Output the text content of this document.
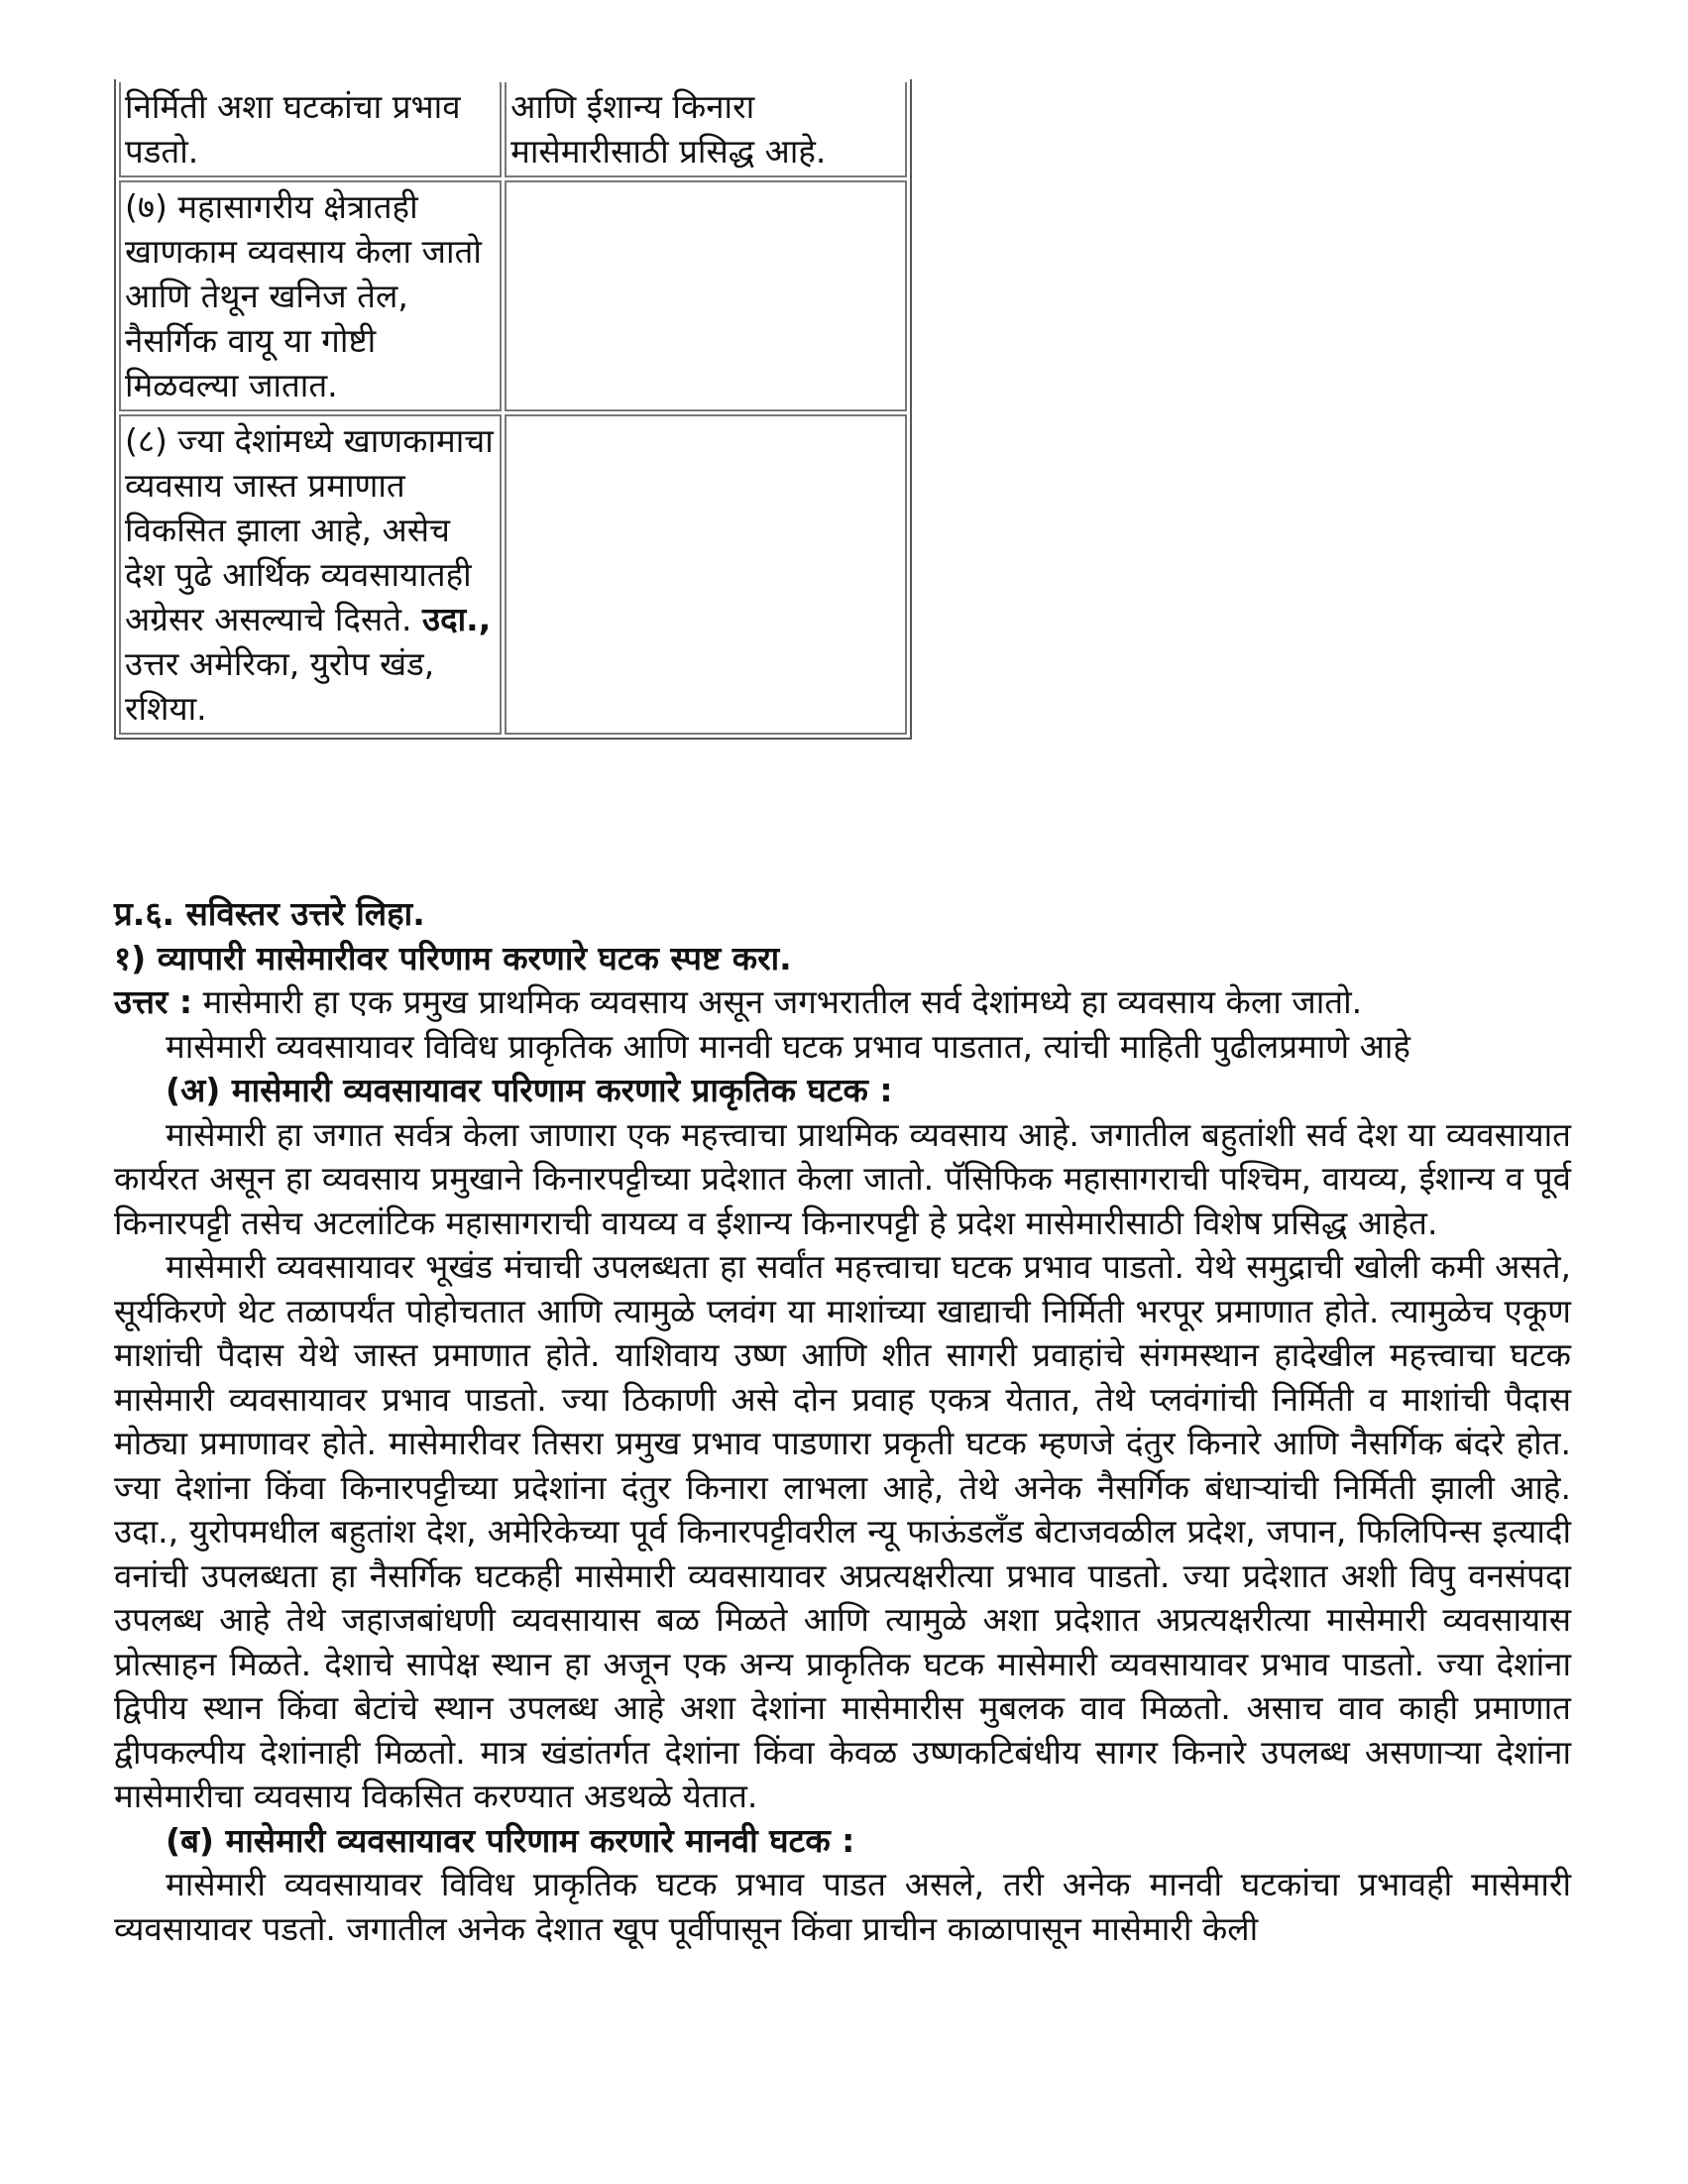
निर्मिती अशा घटकांचा प्रभाव पडतो.	आणि ईशान्य किनारा मासेमारीसाठी प्रसिद्ध आहे.
(७) महासागरीय क्षेत्रातही खाणकाम व्यवसाय केला जातो आणि तेथून खनिज तेल, नैसर्गिक वायू या गोष्टी मिळवल्या जातात.	
(८) ज्या देशांमध्ये खाणकामाचा व्यवसाय जास्त प्रमाणात विकसित झाला आहे, असेच देश पुढे आर्थिक व्यवसायातही अग्रेसर असल्याचे दिसते. उदा., उत्तर अमेरिका, युरोप खंड, रशिया.	

प्र.६. सविस्तर उत्तरे लिहा.

१) व्यापारी मासेमारीवर परिणाम करणारे घटक स्पष्ट करा.

उत्तर : मासेमारी हा एक प्रमुख प्राथमिक व्यवसाय असून जगभरातील सर्व देशांमध्ये हा व्यवसाय केला जातो.

मासेमारी व्यवसायावर विविध प्राकृतिक आणि मानवी घटक प्रभाव पाडतात, त्यांची माहिती पुढीलप्रमाणे आहे

(अ) मासेमारी व्यवसायावर परिणाम करणारे प्राकृतिक घटक :

मासेमारी हा जगात सर्वत्र केला जाणारा एक महत्त्वाचा प्राथमिक व्यवसाय आहे. जगातील बहुतांशी सर्व देश या व्यवसायात कार्यरत असून हा व्यवसाय प्रमुखाने किनारपट्टीच्या प्रदेशात केला जातो. पॅसिफिक महासागराची पश्चिम, वायव्य, ईशान्य व पूर्व किनारपट्टी तसेच अटलांटिक महासागराची वायव्य व ईशान्य किनारपट्टी हे प्रदेश मासेमारीसाठी विशेष प्रसिद्ध आहेत.

मासेमारी व्यवसायावर भूखंड मंचाची उपलब्धता हा सर्वांत महत्त्वाचा घटक प्रभाव पाडतो. येथे समुद्राची खोली कमी असते, सूर्यकिरणे थेट तळापर्यंत पोहोचतात आणि त्यामुळे प्लवंग या माशांच्या खाद्याची निर्मिती भरपूर प्रमाणात होते. त्यामुळेच एकूण माशांची पैदास येथे जास्त प्रमाणात होते. याशिवाय उष्ण आणि शीत सागरी प्रवाहांचे संगमस्थान हादेखील महत्त्वाचा घटक मासेमारी व्यवसायावर प्रभाव पाडतो. ज्या ठिकाणी असे दोन प्रवाह एकत्र येतात, तेथे प्लवंगांची निर्मिती व माशांची पैदास मोठ्या प्रमाणावर होते. मासेमारीवर तिसरा प्रमुख प्रभाव पाडणारा प्रकृती घटक म्हणजे दंतुर किनारे आणि नैसर्गिक बंदरे होत. ज्या देशांना किंवा किनारपट्टीच्या प्रदेशांना दंतुर किनारा लाभला आहे, तेथे अनेक नैसर्गिक बंधाऱ्यांची निर्मिती झाली आहे. उदा., युरोपमधील बहुतांश देश, अमेरिकेच्या पूर्व किनारपट्टीवरील न्यू फाऊंडलँड बेटाजवळील प्रदेश, जपान, फिलिपिन्स इत्यादी वनांची उपलब्धता हा नैसर्गिक घटकही मासेमारी व्यवसायावर अप्रत्यक्षरीत्या प्रभाव पाडतो. ज्या प्रदेशात अशी विपु वनसंपदा उपलब्ध आहे तेथे जहाजबांधणी व्यवसायास बळ मिळते आणि त्यामुळे अशा प्रदेशात अप्रत्यक्षरीत्या मासेमारी व्यवसायास प्रोत्साहन मिळते. देशाचे सापेक्ष स्थान हा अजून एक अन्य प्राकृतिक घटक मासेमारी व्यवसायावर प्रभाव पाडतो. ज्या देशांना द्विपीय स्थान किंवा बेटांचे स्थान उपलब्ध आहे अशा देशांना मासेमारीस मुबलक वाव मिळतो. असाच वाव काही प्रमाणात द्वीपकल्पीय देशांनाही मिळतो. मात्र खंडांतर्गत देशांना किंवा केवळ उष्णकटिबंधीय सागर किनारे उपलब्ध असणाऱ्या देशांना मासेमारीचा व्यवसाय विकसित करण्यात अडथळे येतात.

(ब) मासेमारी व्यवसायावर परिणाम करणारे मानवी घटक :

मासेमारी व्यवसायावर विविध प्राकृतिक घटक प्रभाव पाडत असले, तरी अनेक मानवी घटकांचा प्रभावही मासेमारी व्यवसायावर पडतो. जगातील अनेक देशात खूप पूर्वीपासून किंवा प्राचीन काळापासून मासेमारी केली
